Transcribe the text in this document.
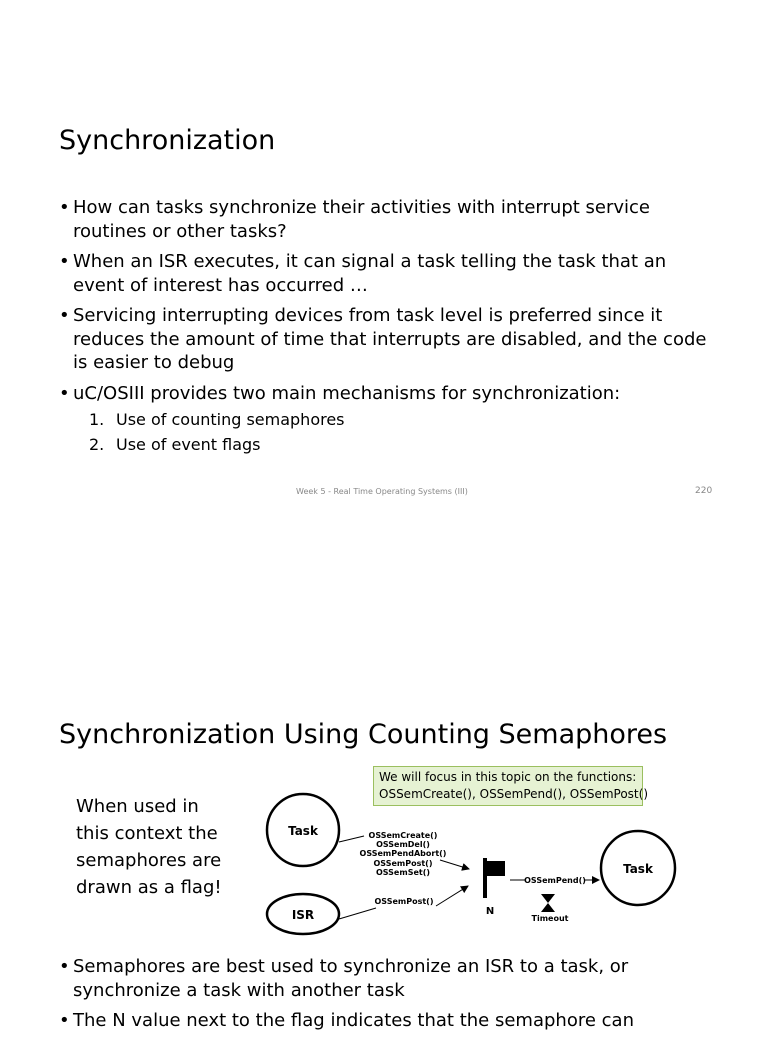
Synchronization
• How can tasks synchronize their activities with interrupt service routines or other tasks?
• When an ISR executes, it can signal a task telling the task that an event of interest has occurred …
• Servicing interrupting devices from task level is preferred since it reduces the amount of time that interrupts are disabled, and the code is easier to debug
• uC/OSIII provides two main mechanisms for synchronization:
1. Use of counting semaphores
2. Use of event flags
Week 5 - Real Time Operating Systems (III)	220
Synchronization Using Counting Semaphores
When used in this context the semaphores are drawn as a flag!
We will focus in this topic on the functions:
OSSemCreate(), OSSemPend(), OSSemPost()
Task
ISR
Task
OSSemCreate()
OSSemDel()
OSSemPendAbort()
OSSemPost()
OSSemSet()
OSSemPost()
N
OSSemPend()
Timeout
• Semaphores are best used to synchronize an ISR to a task, or synchronize a task with another task
• The N value next to the flag indicates that the semaphore can
